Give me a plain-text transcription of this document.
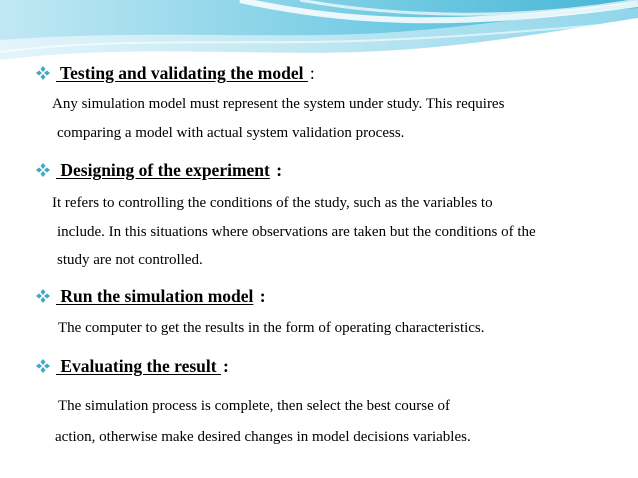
Testing and validating the model :
Any simulation model must represent the system under study. This requires
comparing a model with actual system validation process.
Designing of the experiment :
It refers to controlling the conditions of the study, such as the variables to
include. In this situations where observations are taken but the conditions of the
study are not controlled.
Run the simulation model :
The computer to get the results in the form of operating characteristics.
Evaluating the result :
The simulation process is complete, then select the best course of
action, otherwise make desired changes in model decisions variables.
